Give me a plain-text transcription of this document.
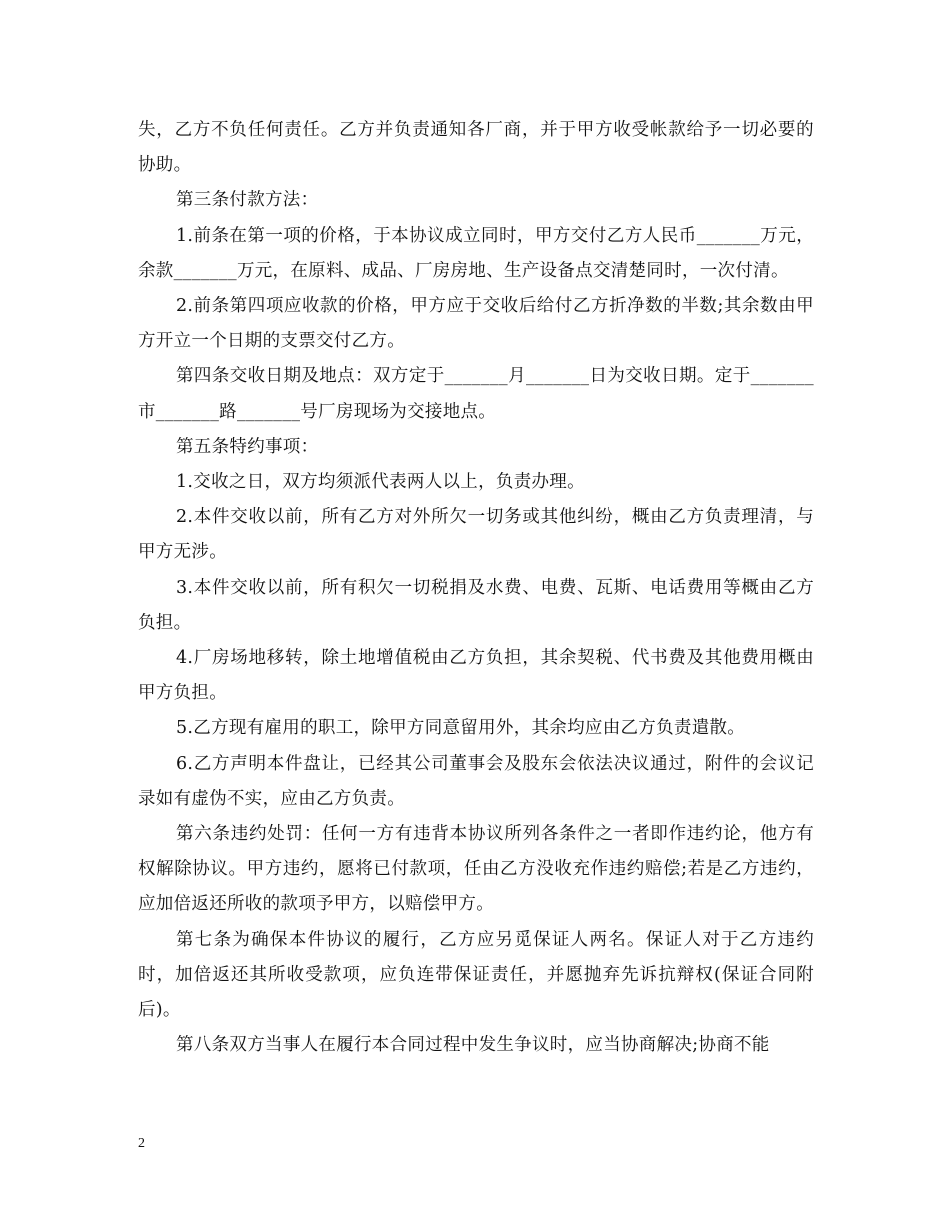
失，乙方不负任何责任。乙方并负责通知各厂商，并于甲方收受帐款给予一切必要的协助。

第三条付款方法：

1.前条在第一项的价格，于本协议成立同时，甲方交付乙方人民币_______万元，余款_______万元，在原料、成品、厂房房地、生产设备点交清楚同时，一次付清。

2.前条第四项应收款的价格，甲方应于交收后给付乙方折净数的半数;其余数由甲方开立一个日期的支票交付乙方。

第四条交收日期及地点：双方定于_______月_______日为交收日期。定于_______市_______路_______号厂房现场为交接地点。

第五条特约事项：

1.交收之日，双方均须派代表两人以上，负责办理。

2.本件交收以前，所有乙方对外所欠一切务或其他纠纷，概由乙方负责理清，与甲方无涉。

3.本件交收以前，所有积欠一切税捐及水费、电费、瓦斯、电话费用等概由乙方负担。

4.厂房场地移转，除土地增值税由乙方负担，其余契税、代书费及其他费用概由甲方负担。

5.乙方现有雇用的职工，除甲方同意留用外，其余均应由乙方负责遣散。

6.乙方声明本件盘让，已经其公司董事会及股东会依法决议通过，附件的会议记录如有虚伪不实，应由乙方负责。

第六条违约处罚：任何一方有违背本协议所列各条件之一者即作违约论，他方有权解除协议。甲方违约，愿将已付款项，任由乙方没收充作违约赔偿;若是乙方违约，应加倍返还所收的款项予甲方，以赔偿甲方。

第七条为确保本件协议的履行，乙方应另觅保证人两名。保证人对于乙方违约时，加倍返还其所收受款项，应负连带保证责任，并愿抛弃先诉抗辩权(保证合同附后)。

第八条双方当事人在履行本合同过程中发生争议时，应当协商解决;协商不能

2
